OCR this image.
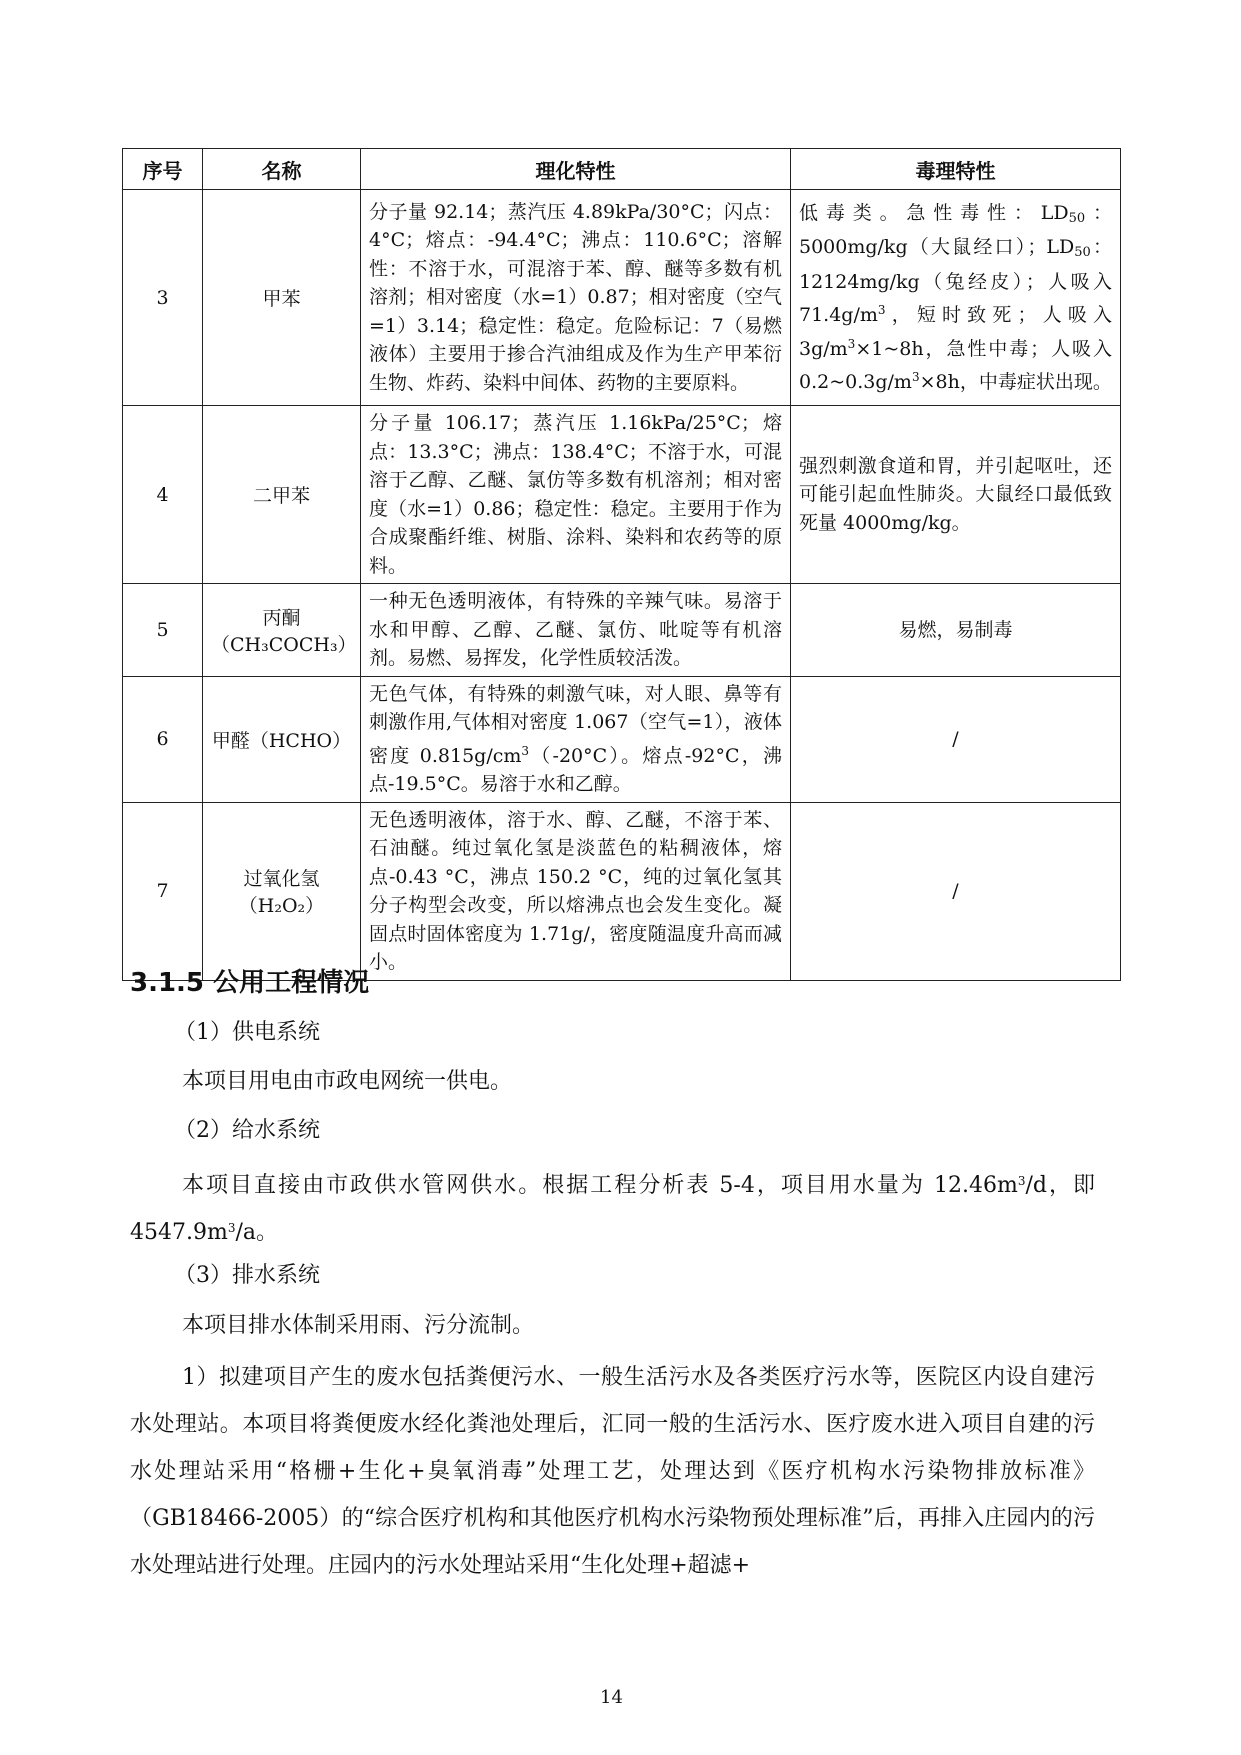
序号	名称	理化特性	毒理特性
3	甲苯	分子量 92.14；蒸汽压 4.89kPa/30°C；闪点：4°C；熔点：-94.4°C；沸点：110.6°C；溶解性：不溶于水，可混溶于苯、醇、醚等多数有机溶剂；相对密度（水=1）0.87；相对密度（空气=1）3.14；稳定性：稳定。危险标记：7（易燃液体）主要用于掺合汽油组成及作为生产甲苯衍生物、炸药、染料中间体、药物的主要原料。	低毒类。急性毒性：$LD_{50}$：5000mg/kg（大鼠经口）；$LD_{50}$：12124mg/kg（兔经皮）；人吸入 $71.4g/m^3$，短时致死；人吸入 $3g/m^3\times 1\sim 8h$，急性中毒；人吸入 $0.2\sim 0.3g/m^3\times 8h$，中毒症状出现。
4	二甲苯	分子量 106.17；蒸汽压 1.16kPa/25°C；熔点：13.3°C；沸点：138.4°C；不溶于水，可混溶于乙醇、乙醚、氯仿等多数有机溶剂；相对密度（水=1）0.86；稳定性：稳定。主要用于作为合成聚酯纤维、树脂、涂料、染料和农药等的原料。	强烈刺激食道和胃，并引起呕吐，还可能引起血性肺炎。大鼠经口最低致死量 4000mg/kg。
5	丙酮（CH₃COCH₃）	一种无色透明液体，有特殊的辛辣气味。易溶于水和甲醇、乙醇、乙醚、氯仿、吡啶等有机溶剂。易燃、易挥发，化学性质较活泼。	易燃，易制毒
6	甲醛（HCHO）	无色气体，有特殊的刺激气味，对人眼、鼻等有刺激作用,气体相对密度 1.067（空气=1），液体密度 $0.815g/cm^3(-20^\circ C)$。熔点-92°C，沸点-19.5°C。易溶于水和乙醇。	/
7	过氧化氢（H₂O₂）	无色透明液体，溶于水、醇、乙醚，不溶于苯、石油醚。纯过氧化氢是淡蓝色的粘稠液体，熔点-0.43 °C，沸点 150.2 °C，纯的过氧化氢其分子构型会改变，所以熔沸点也会发生变化。凝固点时固体密度为 1.71g/，密度随温度升高而减小。	/
3.1.5 公用工程情况

（1）供电系统

本项目用电由市政电网统一供电。

（2）给水系统

本项目直接由市政供水管网供水。根据工程分析表 5-4，项目用水量为 $12.46m^3/d$，即 $4547.9m^3/a$。

（3）排水系统

本项目排水体制采用雨、污分流制。

1）拟建项目产生的废水包括粪便污水、一般生活污水及各类医疗污水等，医院区内设自建污水处理站。本项目将粪便废水经化粪池处理后，汇同一般的生活污水、医疗废水进入项目自建的污水处理站采用“格栅+生化+臭氧消毒”处理工艺，处理达到《医疗机构水污染物排放标准》（GB18466-2005）的“综合医疗机构和其他医疗机构水污染物预处理标准”后，再排入庄园内的污水处理站进行处理。庄园内的污水处理站采用“生化处理+超滤+

14
